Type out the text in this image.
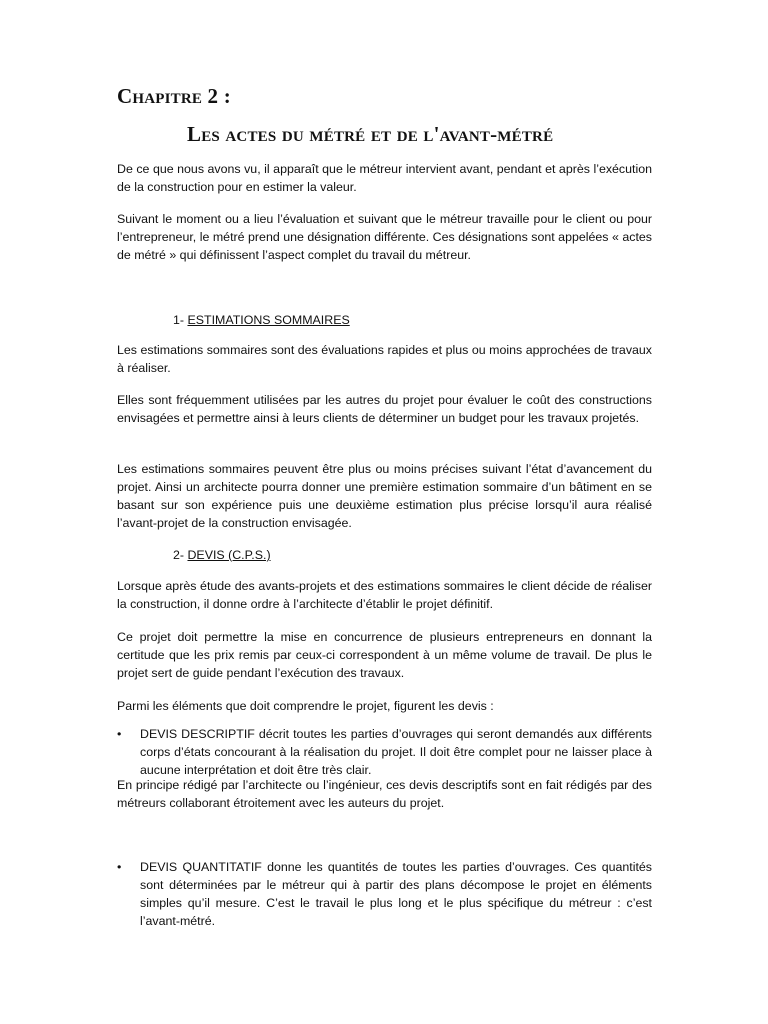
Chapitre 2 :
Les actes du métré et de l'avant-métré

De ce que nous avons vu, il apparaît que le métreur intervient avant, pendant et après l’exécution de la construction pour en estimer la valeur.

Suivant le moment ou a lieu l’évaluation et suivant que le métreur travaille pour le client ou pour l’entrepreneur, le métré prend une désignation différente. Ces désignations sont appelées « actes de métré » qui définissent l’aspect complet du travail du métreur.

1- ESTIMATIONS SOMMAIRES

Les estimations sommaires sont des évaluations rapides et plus ou moins approchées de travaux à réaliser.

Elles sont fréquemment utilisées par les autres du projet pour évaluer le coût des constructions envisagées et permettre ainsi à leurs clients de déterminer un budget pour les travaux projetés.

Les estimations sommaires peuvent être plus ou moins précises suivant l’état d’avancement du projet. Ainsi un architecte pourra donner une première estimation sommaire d’un bâtiment en se basant sur son expérience puis une deuxième estimation plus précise lorsqu’il aura réalisé l’avant-projet de la construction envisagée.

2- DEVIS (C.P.S.)

Lorsque après étude des avants-projets et des estimations sommaires le client décide de réaliser la construction, il donne ordre à l’architecte d’établir le projet définitif.

Ce projet doit permettre la mise en concurrence de plusieurs entrepreneurs en donnant la certitude que les prix remis par ceux-ci correspondent à un même volume de travail. De plus le projet sert de guide pendant l’exécution des travaux.

Parmi les éléments que doit comprendre le projet, figurent les devis :

•	DEVIS DESCRIPTIF décrit toutes les parties d’ouvrages qui seront demandés aux différents corps d’états concourant à la réalisation du projet. Il doit être complet pour ne laisser place à aucune interprétation et doit être très clair.

En principe rédigé par l’architecte ou l’ingénieur, ces devis descriptifs sont en fait rédigés par des métreurs collaborant étroitement avec les auteurs du projet.

•	DEVIS QUANTITATIF donne les quantités de toutes les parties d’ouvrages. Ces quantités sont déterminées par le métreur qui à partir des plans décompose le projet en éléments simples qu’il mesure. C’est le travail le plus long et le plus spécifique du métreur : c’est l’avant-métré.
